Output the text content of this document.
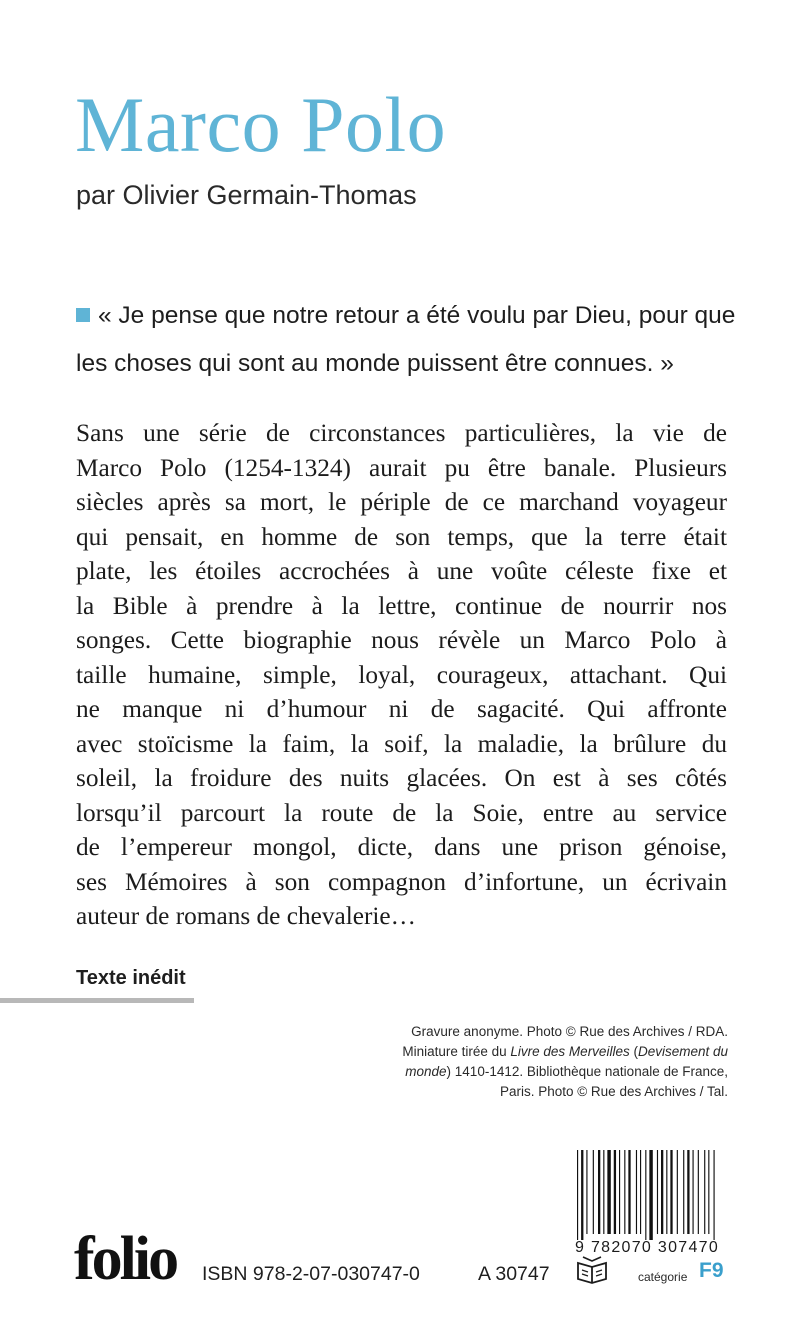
Marco Polo
par Olivier Germain-Thomas
« Je pense que notre retour a été voulu par Dieu, pour que les choses qui sont au monde puissent être connues. »
Sans une série de circonstances particulières, la vie de
Marco Polo (1254-1324) aurait pu être banale. Plusieurs
siècles après sa mort, le périple de ce marchand voyageur
qui pensait, en homme de son temps, que la terre était
plate, les étoiles accrochées à une voûte céleste fixe et
la Bible à prendre à la lettre, continue de nourrir nos
songes. Cette biographie nous révèle un Marco Polo à
taille humaine, simple, loyal, courageux, attachant. Qui
ne manque ni d’humour ni de sagacité. Qui affronte
avec stoïcisme la faim, la soif, la maladie, la brûlure du
soleil, la froidure des nuits glacées. On est à ses côtés
lorsqu’il parcourt la route de la Soie, entre au service
de l’empereur mongol, dicte, dans une prison génoise,
ses Mémoires à son compagnon d’infortune, un écrivain
auteur de romans de chevalerie…
Texte inédit
Gravure anonyme. Photo © Rue des Archives / RDA.
Miniature tirée du Livre des Merveilles (Devisement du
monde) 1410-1412. Bibliothèque nationale de France,
Paris. Photo © Rue des Archives / Tal.
9 782070 307470
folio ISBN 978-2-07-030747-0	A 30747	catégorie F9
